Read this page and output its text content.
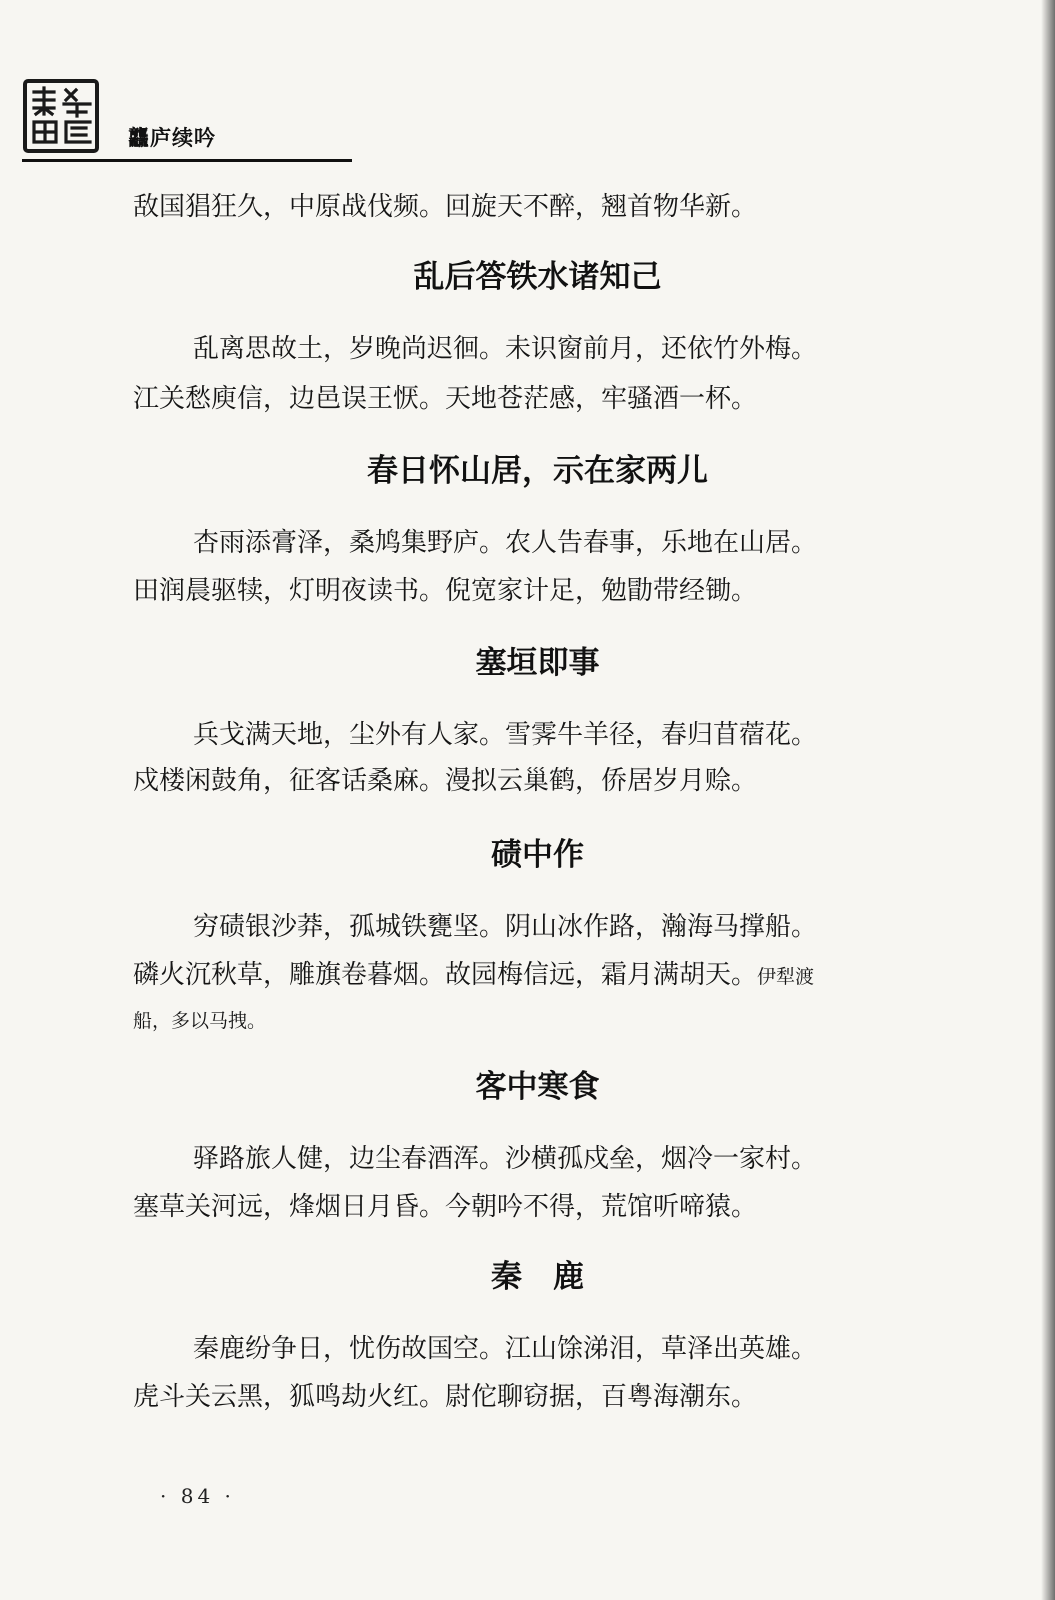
龘庐续吟
敌国猖狂久，中原战伐频。回旋天不醉，翘首物华新。
乱后答铁水诸知己
乱离思故土，岁晚尚迟徊。未识窗前月，还依竹外梅。
江关愁庾信，边邑误王恹。天地苍茫感，牢骚酒一杯。
春日怀山居，示在家两儿
杏雨添膏泽，桑鸠集野庐。农人告春事，乐地在山居。
田润晨驱犊，灯明夜读书。倪宽家计足，勉勖带经锄。
塞垣即事
兵戈满天地，尘外有人家。雪霁牛羊径，春归苜蓿花。
戍楼闲鼓角，征客话桑麻。漫拟云巢鹤，侨居岁月赊。
碛中作
穷碛银沙莽，孤城铁甕坚。阴山冰作路，瀚海马撑船。
磷火沉秋草，雕旗卷暮烟。故园梅信远，霜月满胡天。伊犁渡
船，多以马拽。
客中寒食
驿路旅人健，边尘春酒浑。沙横孤戍垒，烟冷一家村。
塞草关河远，烽烟日月昏。今朝吟不得，荒馆听啼猿。
秦　鹿
秦鹿纷争日，忧伤故国空。江山馀涕泪，草泽出英雄。
虎斗关云黑，狐鸣劫火红。尉佗聊窃据，百粤海潮东。
· 84 ·
